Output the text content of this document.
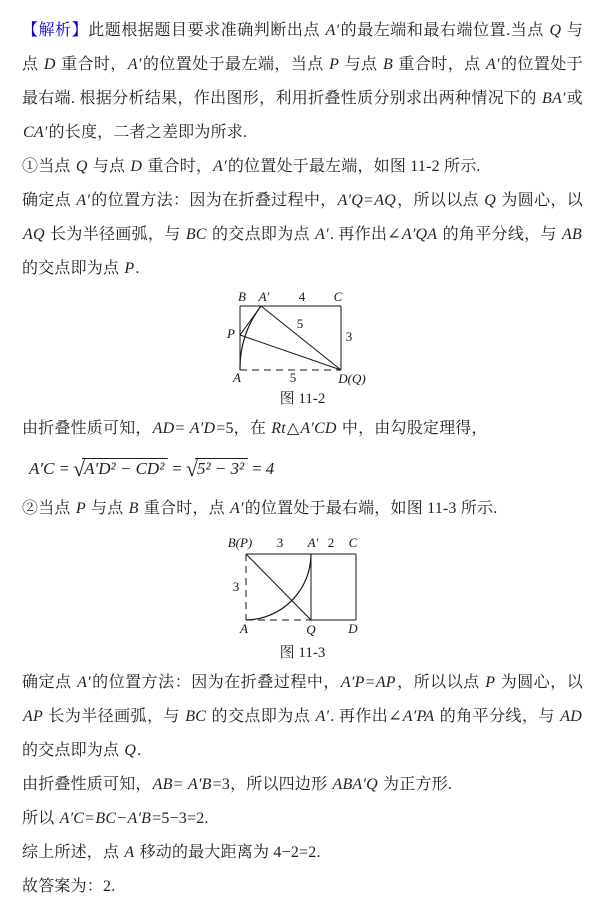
【解析】此题根据题目要求准确判断出点 A′的最左端和最右端位置.当点 Q 与点 D 重合时，A′的位置处于最左端，当点 P 与点 B 重合时，点 A′的位置处于最右端. 根据分析结果，作出图形，利用折叠性质分别求出两种情况下的 BA′或 CA′的长度，二者之差即为所求.

①当点 Q 与点 D 重合时，A′的位置处于最左端，如图 11-2 所示.

确定点 A′的位置方法：因为在折叠过程中，A′Q=AQ，所以以点 Q 为圆心，以 AQ 长为半径画弧，与 BC 的交点即为点 A′. 再作出∠A′QA 的角平分线，与 AB 的交点即为点 P.

B A′ 4 C
P	3
5
A	5	D(Q)
图 11-2

由折叠性质可知，AD= A′D=5，在 Rt△A′CD 中，由勾股定理得，

A′C = √A′D² − CD² = √5² − 3² = 4

②当点 P 与点 B 重合时，点 A′的位置处于最右端，如图 11-3 所示.

B(P) 3 A′ 2 C
3
A	Q	D
图 11-3

确定点 A′的位置方法：因为在折叠过程中，A′P=AP，所以以点 P 为圆心，以 AP 长为半径画弧，与 BC 的交点即为点 A′. 再作出∠A′PA 的角平分线，与 AD 的交点即为点 Q.

由折叠性质可知，AB= A′B=3，所以四边形 ABA′Q 为正方形.

所以 A′C=BC−A′B=5−3=2.

综上所述，点 A 移动的最大距离为 4−2=2.

故答案为：2.
